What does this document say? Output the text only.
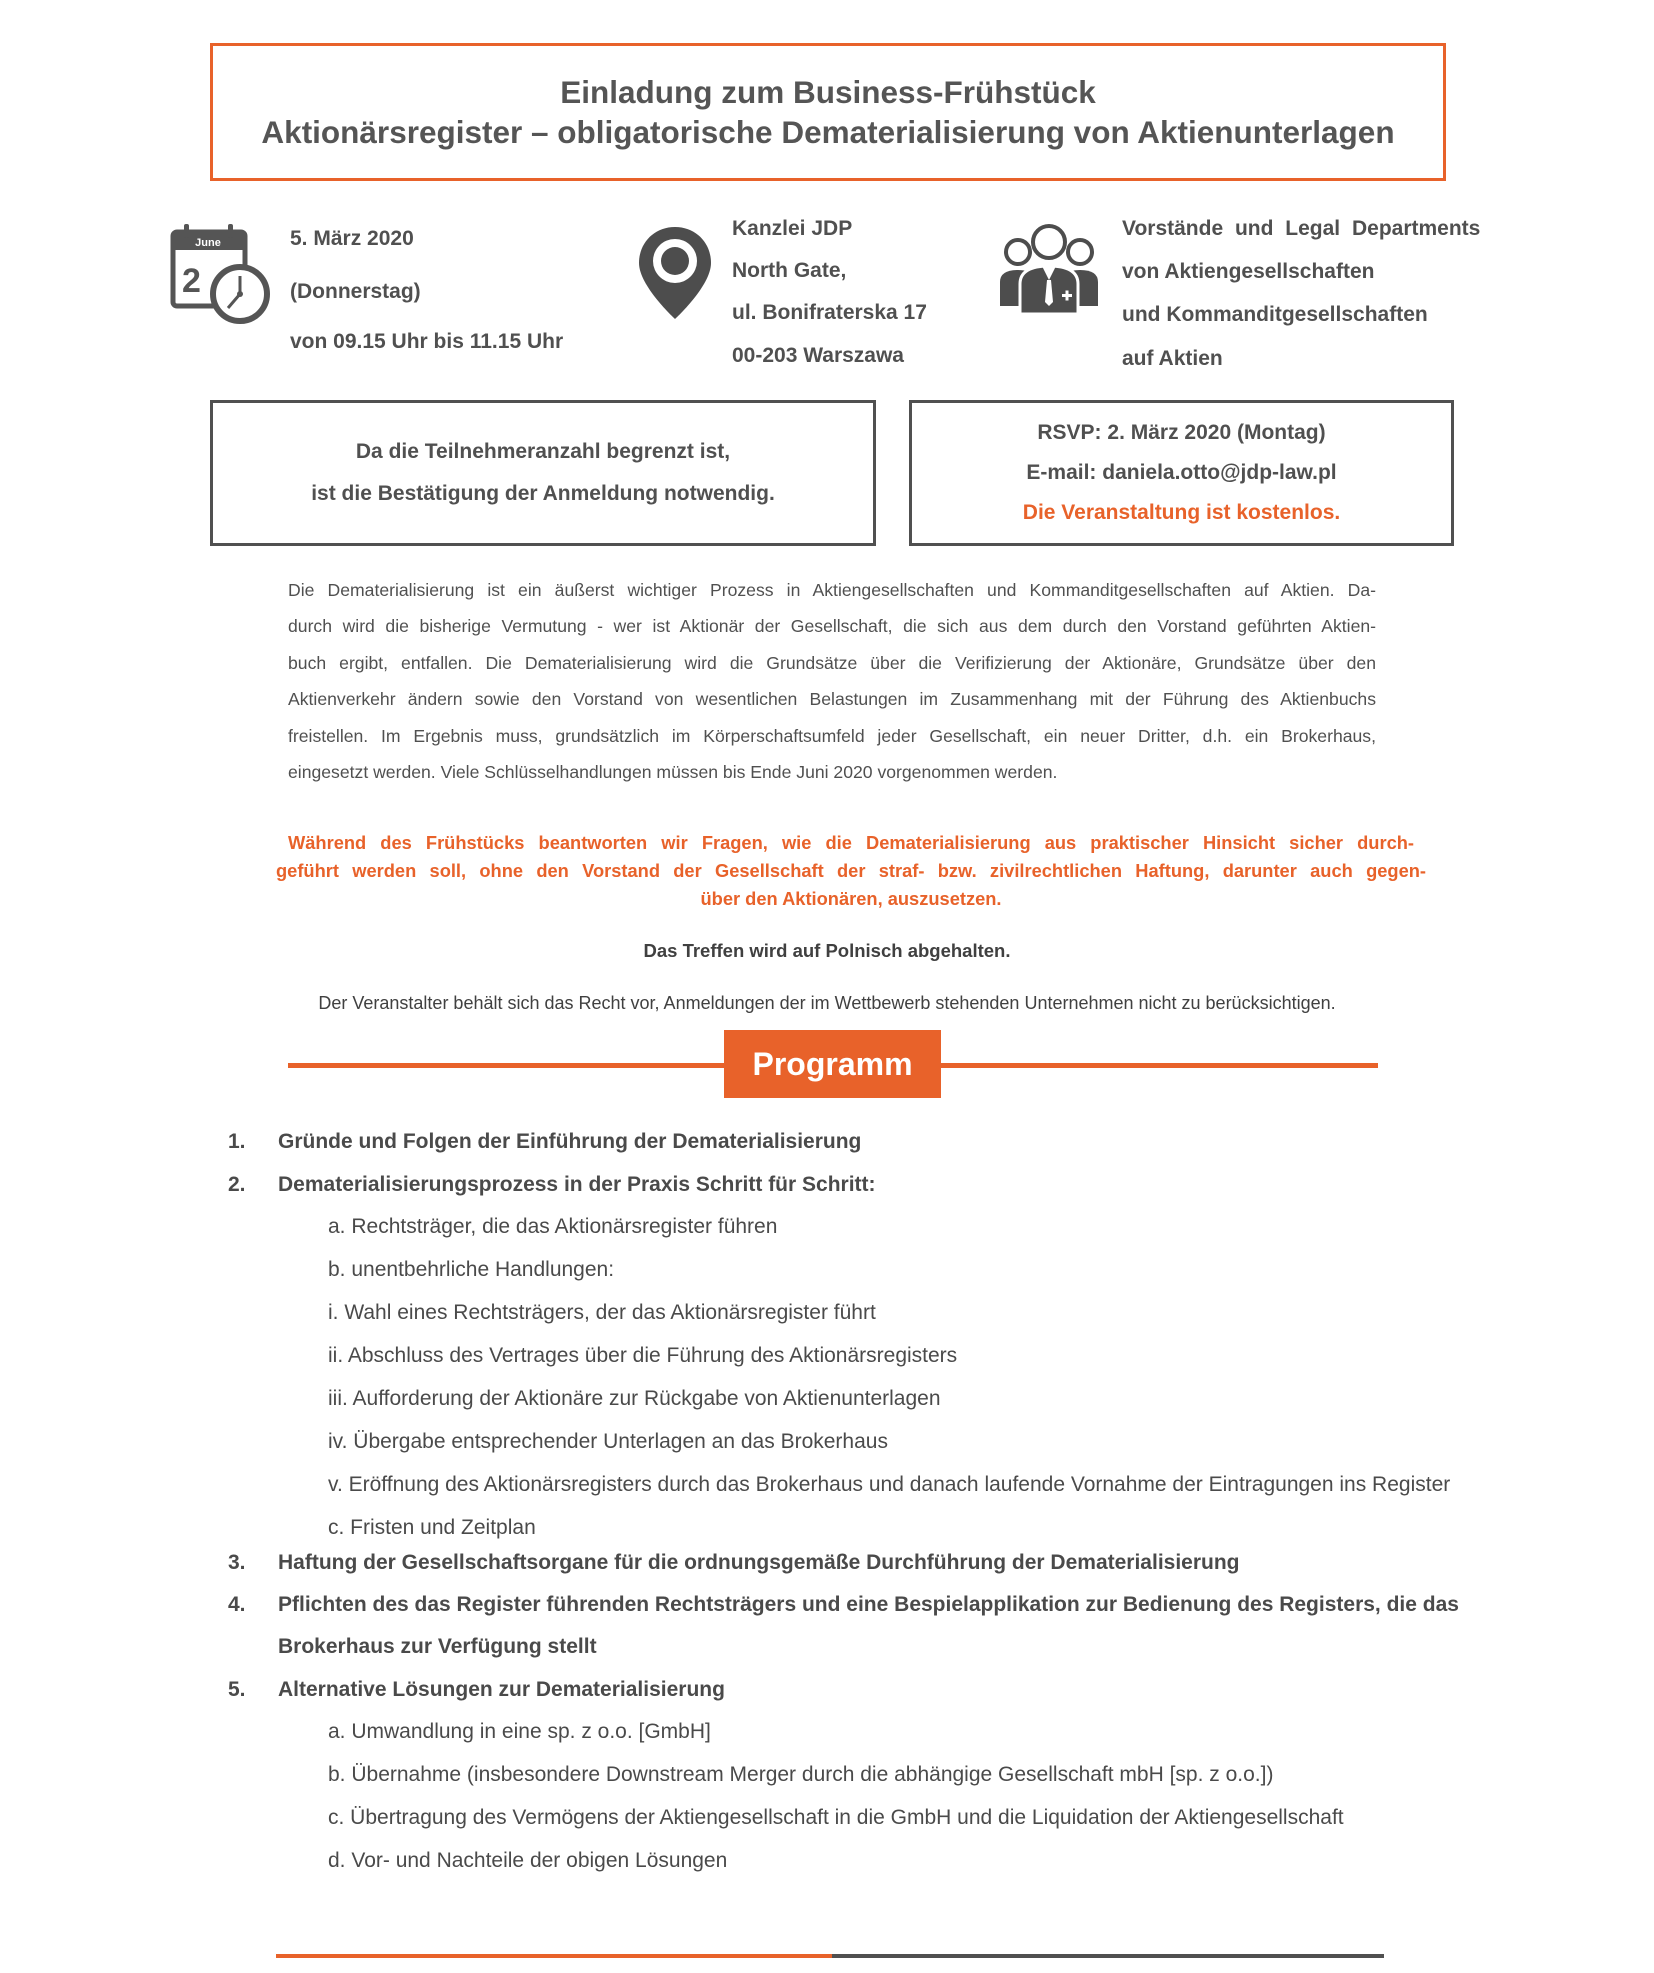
Einladung zum Business-Frühstück
Aktionärsregister – obligatorische Dematerialisierung von Aktienunterlagen
June
2
5. März 2020
(Donnerstag)
von 09.15 Uhr bis 11.15 Uhr
Kanzlei JDP
North Gate,
ul. Bonifraterska 17
00-203 Warszawa
Vorstände und Legal Departments
von Aktiengesellschaften
und Kommanditgesellschaften
auf Aktien
Da die Teilnehmeranzahl begrenzt ist,
ist die Bestätigung der Anmeldung notwendig.
RSVP: 2. März 2020 (Montag)
E-mail: daniela.otto@jdp-law.pl
Die Veranstaltung ist kostenlos.
Die Dematerialisierung ist ein äußerst wichtiger Prozess in Aktiengesellschaften und Kommanditgesellschaften auf Aktien. Da-
durch wird die bisherige Vermutung - wer ist Aktionär der Gesellschaft, die sich aus dem durch den Vorstand geführten Aktien-
buch ergibt, entfallen. Die Dematerialisierung wird die Grundsätze über die Verifizierung der Aktionäre, Grundsätze über den
Aktienverkehr ändern sowie den Vorstand von wesentlichen Belastungen im Zusammenhang mit der Führung des Aktienbuchs
freistellen. Im Ergebnis muss, grundsätzlich im Körperschaftsumfeld jeder Gesellschaft, ein neuer Dritter, d.h. ein Brokerhaus,
eingesetzt werden. Viele Schlüsselhandlungen müssen bis Ende Juni 2020 vorgenommen werden.
Während des Frühstücks beantworten wir Fragen, wie die Dematerialisierung aus praktischer Hinsicht sicher durch-
geführt werden soll, ohne den Vorstand der Gesellschaft der straf- bzw. zivilrechtlichen Haftung, darunter auch gegen-
über den Aktionären, auszusetzen.
Das Treffen wird auf Polnisch abgehalten.
Der Veranstalter behält sich das Recht vor, Anmeldungen der im Wettbewerb stehenden Unternehmen nicht zu berücksichtigen.
Programm
1. Gründe und Folgen der Einführung der Dematerialisierung
2. Dematerialisierungsprozess in der Praxis Schritt für Schritt:
a. Rechtsträger, die das Aktionärsregister führen
b. unentbehrliche Handlungen:
i. Wahl eines Rechtsträgers, der das Aktionärsregister führt
ii. Abschluss des Vertrages über die Führung des Aktionärsregisters
iii. Aufforderung der Aktionäre zur Rückgabe von Aktienunterlagen
iv. Übergabe entsprechender Unterlagen an das Brokerhaus
v. Eröffnung des Aktionärsregisters durch das Brokerhaus und danach laufende Vornahme der Eintragungen ins Register
c. Fristen und Zeitplan
3. Haftung der Gesellschaftsorgane für die ordnungsgemäße Durchführung der Dematerialisierung
4. Pflichten des das Register führenden Rechtsträgers und eine Bespielapplikation zur Bedienung des Registers, die das
Brokerhaus zur Verfügung stellt
5. Alternative Lösungen zur Dematerialisierung
a. Umwandlung in eine sp. z o.o. [GmbH]
b. Übernahme (insbesondere Downstream Merger durch die abhängige Gesellschaft mbH [sp. z o.o.])
c. Übertragung des Vermögens der Aktiengesellschaft in die GmbH und die Liquidation der Aktiengesellschaft
d. Vor- und Nachteile der obigen Lösungen
